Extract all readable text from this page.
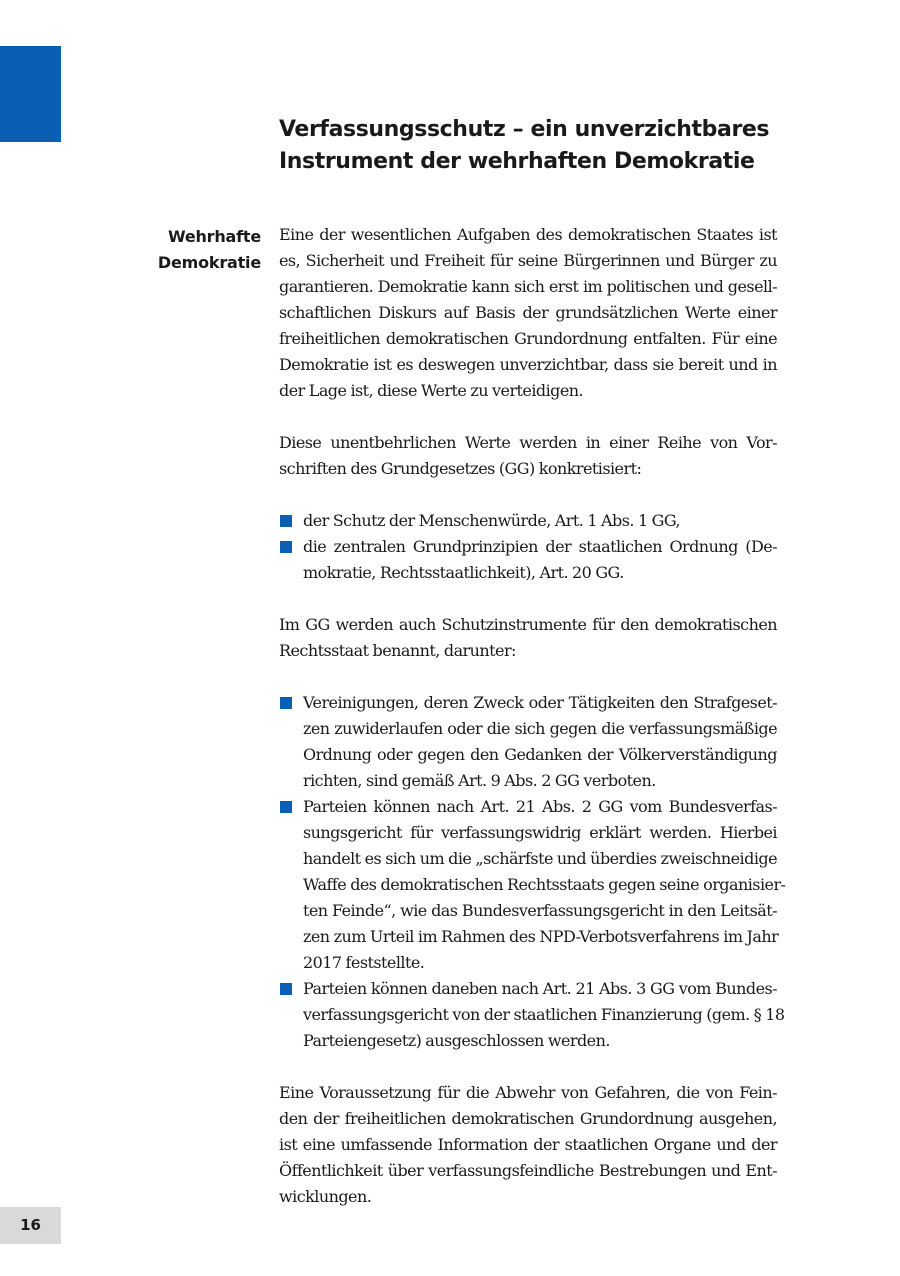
Verfassungsschutz – ein unverzichtbares
Instrument der wehrhaften Demokratie
Wehrhafte
Demokratie

Eine der wesentlichen Aufgaben des demokratischen Staates ist
es, Sicherheit und Freiheit für seine Bürgerinnen und Bürger zu
garantieren. Demokratie kann sich erst im politischen und gesell-
schaftlichen Diskurs auf Basis der grundsätzlichen Werte einer
freiheitlichen demokratischen Grundordnung entfalten. Für eine
Demokratie ist es deswegen unverzichtbar, dass sie bereit und in
der Lage ist, diese Werte zu verteidigen.

Diese unentbehrlichen Werte werden in einer Reihe von Vor-
schriften des Grundgesetzes (GG) konkretisiert:

der Schutz der Menschenwürde, Art. 1 Abs. 1 GG,
die zentralen Grundprinzipien der staatlichen Ordnung (De-
mokratie, Rechtsstaatlichkeit), Art. 20 GG.

Im GG werden auch Schutzinstrumente für den demokratischen
Rechtsstaat benannt, darunter:

Vereinigungen, deren Zweck oder Tätigkeiten den Strafgeset-
zen zuwiderlaufen oder die sich gegen die verfassungsmäßige
Ordnung oder gegen den Gedanken der Völkerverständigung
richten, sind gemäß Art. 9 Abs. 2 GG verboten.
Parteien können nach Art. 21 Abs. 2 GG vom Bundesverfas-
sungsgericht für verfassungswidrig erklärt werden. Hierbei
handelt es sich um die „schärfste und überdies zweischneidige
Waffe des demokratischen Rechtsstaats gegen seine organisier-
ten Feinde“, wie das Bundesverfassungsgericht in den Leitsät-
zen zum Urteil im Rahmen des NPD-Verbotsverfahrens im Jahr
2017 feststellte.
Parteien können daneben nach Art. 21 Abs. 3 GG vom Bundes-
verfassungsgericht von der staatlichen Finanzierung (gem. § 18
Parteiengesetz) ausgeschlossen werden.

Eine Voraussetzung für die Abwehr von Gefahren, die von Fein-
den der freiheitlichen demokratischen Grundordnung ausgehen,
ist eine umfassende Information der staatlichen Organe und der
Öffentlichkeit über verfassungsfeindliche Bestrebungen und Ent-
wicklungen.

16
